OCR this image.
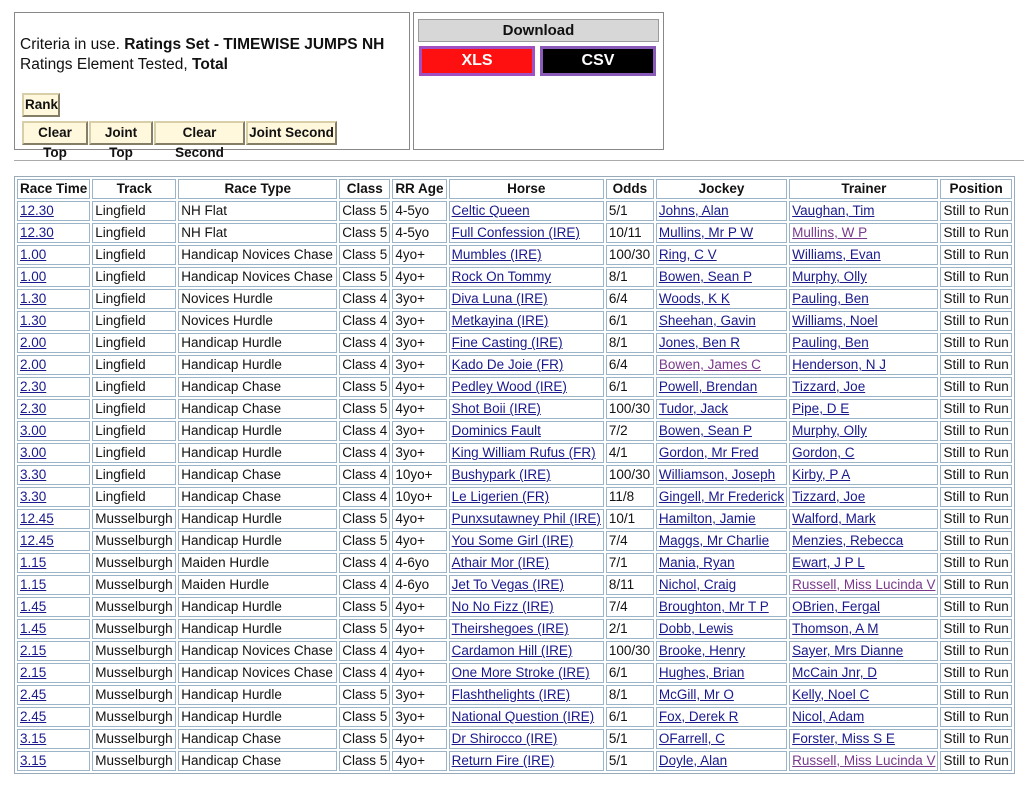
Criteria in use. Ratings Set - TIMEWISE JUMPS NH
Ratings Element Tested, Total
Rank
Clear Top
Joint Top
Clear Second
Joint Second
Download
XLS	CSV
Race Time	Track	Race Type	Class	RR Age	Horse	Odds	Jockey	Trainer	Position
12.30	Lingfield	NH Flat	Class 5	4-5yo	Celtic Queen	5/1	Johns, Alan	Vaughan, Tim	Still to Run
12.30	Lingfield	NH Flat	Class 5	4-5yo	Full Confession (IRE)	10/11	Mullins, Mr P W	Mullins, W P	Still to Run
1.00	Lingfield	Handicap Novices Chase	Class 5	4yo+	Mumbles (IRE)	100/30	Ring, C V	Williams, Evan	Still to Run
1.00	Lingfield	Handicap Novices Chase	Class 5	4yo+	Rock On Tommy	8/1	Bowen, Sean P	Murphy, Olly	Still to Run
1.30	Lingfield	Novices Hurdle	Class 4	3yo+	Diva Luna (IRE)	6/4	Woods, K K	Pauling, Ben	Still to Run
1.30	Lingfield	Novices Hurdle	Class 4	3yo+	Metkayina (IRE)	6/1	Sheehan, Gavin	Williams, Noel	Still to Run
2.00	Lingfield	Handicap Hurdle	Class 4	3yo+	Fine Casting (IRE)	8/1	Jones, Ben R	Pauling, Ben	Still to Run
2.00	Lingfield	Handicap Hurdle	Class 4	3yo+	Kado De Joie (FR)	6/4	Bowen, James C	Henderson, N J	Still to Run
2.30	Lingfield	Handicap Chase	Class 5	4yo+	Pedley Wood (IRE)	6/1	Powell, Brendan	Tizzard, Joe	Still to Run
2.30	Lingfield	Handicap Chase	Class 5	4yo+	Shot Boii (IRE)	100/30	Tudor, Jack	Pipe, D E	Still to Run
3.00	Lingfield	Handicap Hurdle	Class 4	3yo+	Dominics Fault	7/2	Bowen, Sean P	Murphy, Olly	Still to Run
3.00	Lingfield	Handicap Hurdle	Class 4	3yo+	King William Rufus (FR)	4/1	Gordon, Mr Fred	Gordon, C	Still to Run
3.30	Lingfield	Handicap Chase	Class 4	10yo+	Bushypark (IRE)	100/30	Williamson, Joseph	Kirby, P A	Still to Run
3.30	Lingfield	Handicap Chase	Class 4	10yo+	Le Ligerien (FR)	11/8	Gingell, Mr Frederick	Tizzard, Joe	Still to Run
12.45	Musselburgh	Handicap Hurdle	Class 5	4yo+	Punxsutawney Phil (IRE)	10/1	Hamilton, Jamie	Walford, Mark	Still to Run
12.45	Musselburgh	Handicap Hurdle	Class 5	4yo+	You Some Girl (IRE)	7/4	Maggs, Mr Charlie	Menzies, Rebecca	Still to Run
1.15	Musselburgh	Maiden Hurdle	Class 4	4-6yo	Athair Mor (IRE)	7/1	Mania, Ryan	Ewart, J P L	Still to Run
1.15	Musselburgh	Maiden Hurdle	Class 4	4-6yo	Jet To Vegas (IRE)	8/11	Nichol, Craig	Russell, Miss Lucinda V	Still to Run
1.45	Musselburgh	Handicap Hurdle	Class 5	4yo+	No No Fizz (IRE)	7/4	Broughton, Mr T P	OBrien, Fergal	Still to Run
1.45	Musselburgh	Handicap Hurdle	Class 5	4yo+	Theirshegoes (IRE)	2/1	Dobb, Lewis	Thomson, A M	Still to Run
2.15	Musselburgh	Handicap Novices Chase	Class 4	4yo+	Cardamon Hill (IRE)	100/30	Brooke, Henry	Sayer, Mrs Dianne	Still to Run
2.15	Musselburgh	Handicap Novices Chase	Class 4	4yo+	One More Stroke (IRE)	6/1	Hughes, Brian	McCain Jnr, D	Still to Run
2.45	Musselburgh	Handicap Hurdle	Class 5	3yo+	Flashthelights (IRE)	8/1	McGill, Mr O	Kelly, Noel C	Still to Run
2.45	Musselburgh	Handicap Hurdle	Class 5	3yo+	National Question (IRE)	6/1	Fox, Derek R	Nicol, Adam	Still to Run
3.15	Musselburgh	Handicap Chase	Class 5	4yo+	Dr Shirocco (IRE)	5/1	OFarrell, C	Forster, Miss S E	Still to Run
3.15	Musselburgh	Handicap Chase	Class 5	4yo+	Return Fire (IRE)	5/1	Doyle, Alan	Russell, Miss Lucinda V	Still to Run
